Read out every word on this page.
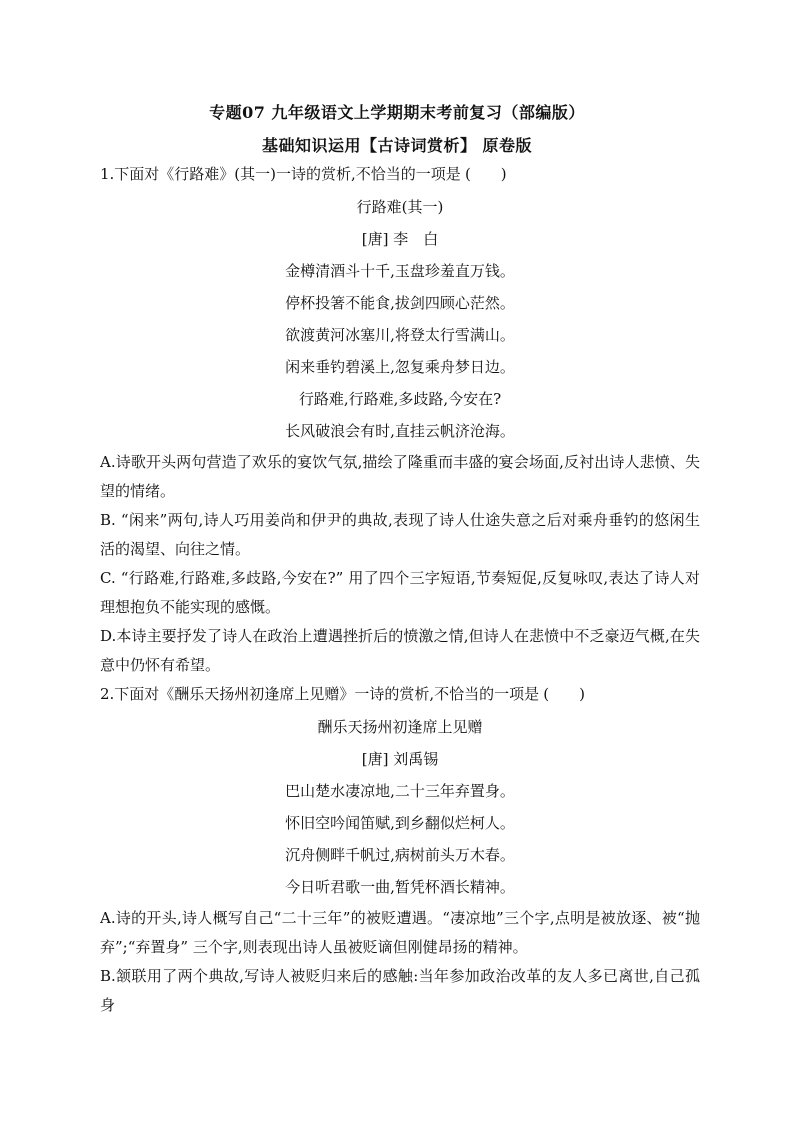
专题07 九年级语文上学期期末考前复习（部编版）
基础知识运用【古诗词赏析】 原卷版

1.下面对《行路难》(其一)一诗的赏析,不恰当的一项是 (　　)

行路难(其一)
[唐] 李　白
金樽清酒斗十千,玉盘珍羞直万钱。
停杯投箸不能食,拔剑四顾心茫然。
欲渡黄河冰塞川,将登太行雪满山。
闲来垂钓碧溪上,忽复乘舟梦日边。
行路难,行路难,多歧路,今安在?
长风破浪会有时,直挂云帆济沧海。

A.诗歌开头两句营造了欢乐的宴饮气氛,描绘了隆重而丰盛的宴会场面,反衬出诗人悲愤、失望的情绪。

B. “闲来”两句,诗人巧用姜尚和伊尹的典故,表现了诗人仕途失意之后对乘舟垂钓的悠闲生活的渴望、向往之情。

C. “行路难,行路难,多歧路,今安在?” 用了四个三字短语,节奏短促,反复咏叹,表达了诗人对理想抱负不能实现的感慨。

D.本诗主要抒发了诗人在政治上遭遇挫折后的愤激之情,但诗人在悲愤中不乏豪迈气概,在失意中仍怀有希望。

2.下面对《酬乐天扬州初逢席上见赠》一诗的赏析,不恰当的一项是 (　　)

酬乐天扬州初逢席上见赠
[唐] 刘禹锡
巴山楚水凄凉地,二十三年弃置身。
怀旧空吟闻笛赋,到乡翻似烂柯人。
沉舟侧畔千帆过,病树前头万木春。
今日听君歌一曲,暂凭杯酒长精神。

A.诗的开头,诗人概写自己“二十三年”的被贬遭遇。“凄凉地”三个字,点明是被放逐、被“抛弃”;“弃置身” 三个字,则表现出诗人虽被贬谪但刚健昂扬的精神。

B.颔联用了两个典故,写诗人被贬归来后的感触:当年参加政治改革的友人多已离世,自己孤身
